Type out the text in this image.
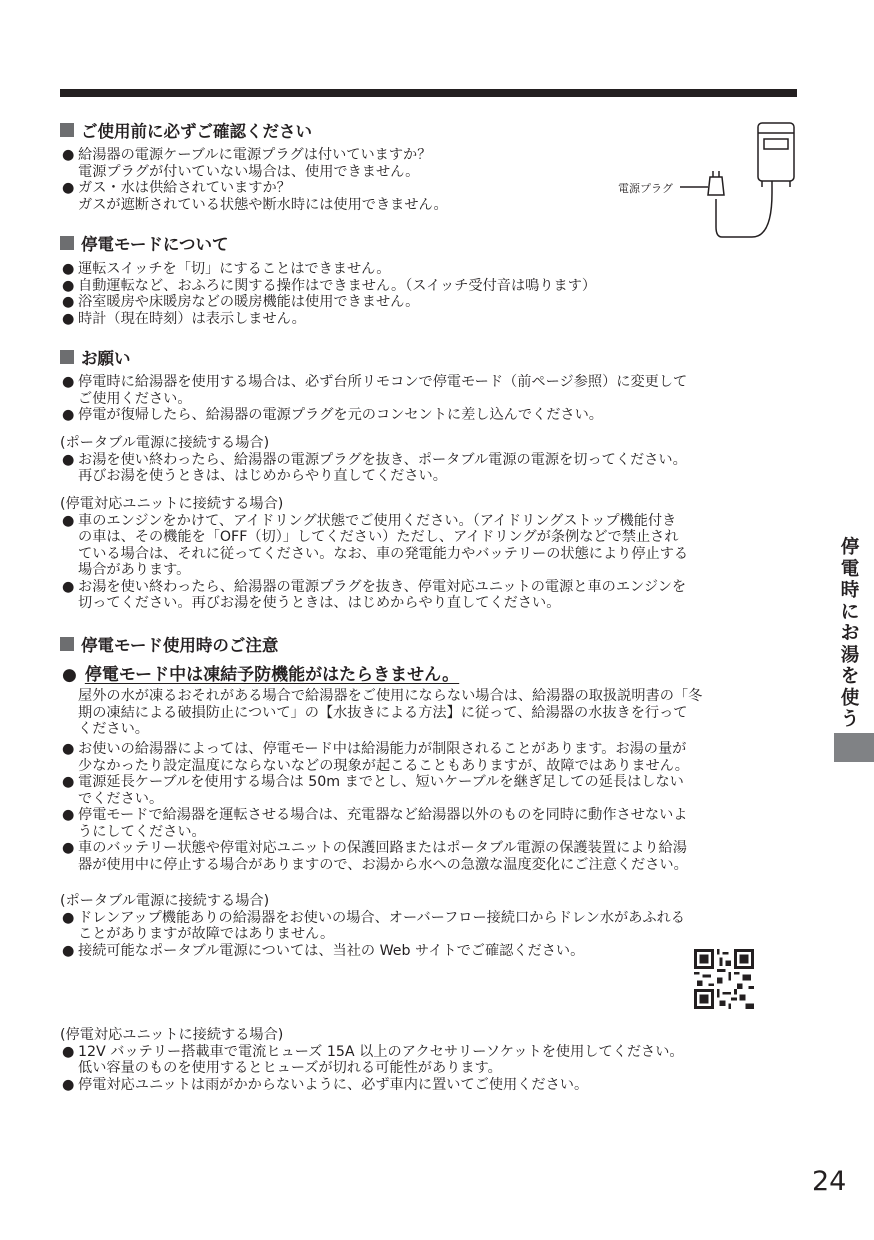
ご使用前に必ずご確認ください
● 給湯器の電源ケーブルに電源プラグは付いていますか？
電源プラグが付いていない場合は、使用できません。
● ガス・水は供給されていますか？
ガスが遮断されている状態や断水時には使用できません。
電源プラグ
停電モードについて
● 運転スイッチを「切」にすることはできません。
● 自動運転など、おふろに関する操作はできません。（スイッチ受付音は鳴ります）
● 浴室暖房や床暖房などの暖房機能は使用できません。
● 時計（現在時刻）は表示しません。
お願い
● 停電時に給湯器を使用する場合は、必ず台所リモコンで停電モード（前ページ参照）に変更して
ご使用ください。
● 停電が復帰したら、給湯器の電源プラグを元のコンセントに差し込んでください。
(ポータブル電源に接続する場合)
● お湯を使い終わったら、給湯器の電源プラグを抜き、ポータブル電源の電源を切ってください。
再びお湯を使うときは、はじめからやり直してください。
(停電対応ユニットに接続する場合)
● 車のエンジンをかけて、アイドリング状態でご使用ください。（アイドリングストップ機能付き
の車は、その機能を「OFF（切）」してください）ただし、アイドリングが条例などで禁止され
ている場合は、それに従ってください。なお、車の発電能力やバッテリーの状態により停止する
場合があります。
● お湯を使い終わったら、給湯器の電源プラグを抜き、停電対応ユニットの電源と車のエンジンを
切ってください。再びお湯を使うときは、はじめからやり直してください。
停電モード使用時のご注意
● 停電モード中は凍結予防機能がはたらきません。
屋外の水が凍るおそれがある場合で給湯器をご使用にならない場合は、給湯器の取扱説明書の「冬
期の凍結による破損防止について」の【水抜きによる方法】に従って、給湯器の水抜きを行って
ください。
● お使いの給湯器によっては、停電モード中は給湯能力が制限されることがあります。お湯の量が
少なかったり設定温度にならないなどの現象が起こることもありますが、故障ではありません。
● 電源延長ケーブルを使用する場合は 50m までとし、短いケーブルを継ぎ足しての延長はしない
でください。
● 停電モードで給湯器を運転させる場合は、充電器など給湯器以外のものを同時に動作させないよ
うにしてください。
● 車のバッテリー状態や停電対応ユニットの保護回路またはポータブル電源の保護装置により給湯
器が使用中に停止する場合がありますので、お湯から水への急激な温度変化にご注意ください。
(ポータブル電源に接続する場合)
● ドレンアップ機能ありの給湯器をお使いの場合、オーバーフロー接続口からドレン水があふれる
ことがありますが故障ではありません。
● 接続可能なポータブル電源については、当社の Web サイトでご確認ください。
(停電対応ユニットに接続する場合)
● 12V バッテリー搭載車で電流ヒューズ 15A 以上のアクセサリーソケットを使用してください。
低い容量のものを使用するとヒューズが切れる可能性があります。
● 停電対応ユニットは雨がかからないように、必ず車内に置いてご使用ください。
停
電
時
に
お
湯
を
使
う
24
